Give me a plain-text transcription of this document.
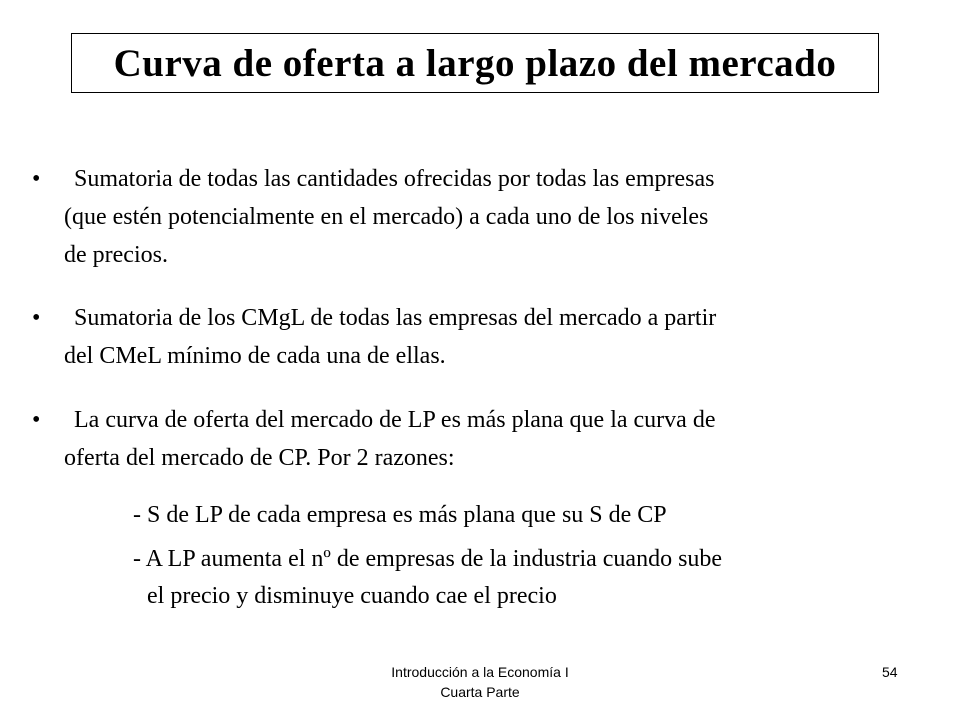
Curva de oferta a largo plazo del mercado
•	Sumatoria de todas las cantidades ofrecidas por todas las empresas
(que estén potencialmente en el mercado) a cada uno de los niveles
de precios.
•	Sumatoria de los CMgL de todas las empresas del mercado a partir
del CMeL mínimo de cada una de ellas.
•	La curva de oferta del mercado de LP es más plana que la curva de
oferta del mercado de CP. Por 2 razones:
- S de LP de cada empresa es más plana que su S de CP
- A LP aumenta el nº de empresas de la industria cuando sube
el precio y disminuye cuando cae el precio
Introducción a la Economía I
Cuarta Parte
54
